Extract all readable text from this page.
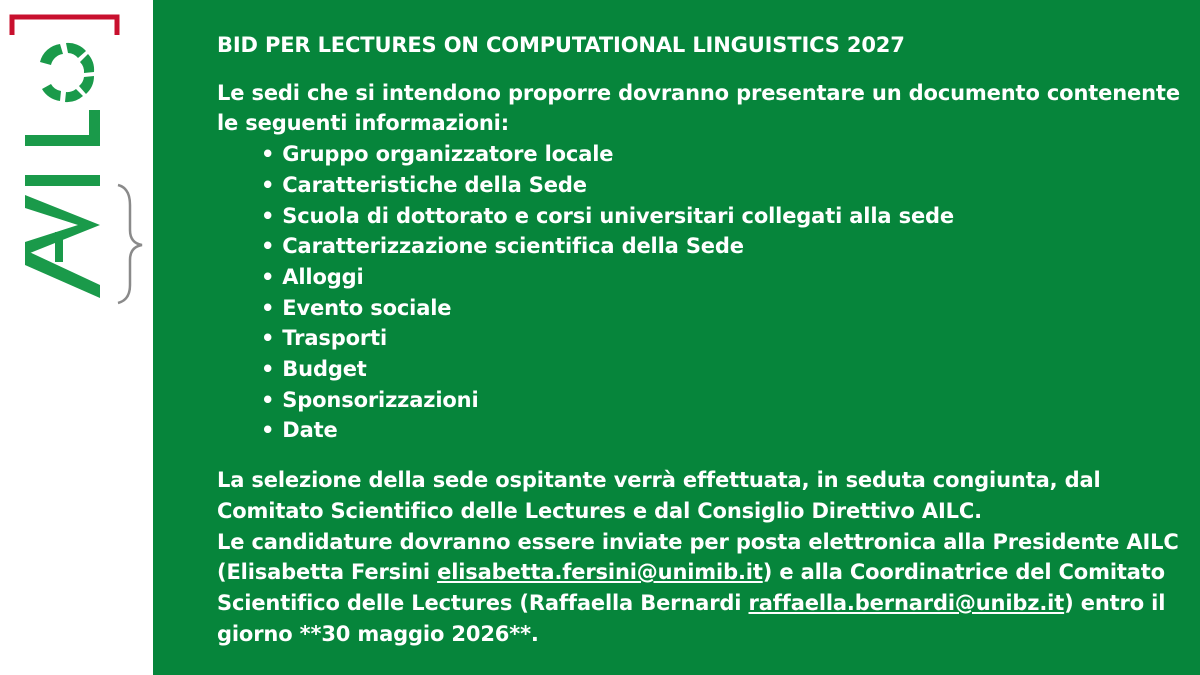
BID PER LECTURES ON COMPUTATIONAL LINGUISTICS 2027

Le sedi che si intendono proporre dovranno presentare un documento contenente le seguenti informazioni:

• Gruppo organizzatore locale
• Caratteristiche della Sede
• Scuola di dottorato e corsi universitari collegati alla sede
• Caratterizzazione scientifica della Sede
• Alloggi
• Evento sociale
• Trasporti
• Budget
• Sponsorizzazioni
• Date

La selezione della sede ospitante verrà effettuata, in seduta congiunta, dal Comitato Scientifico delle Lectures e dal Consiglio Direttivo AILC.

Le candidature dovranno essere inviate per posta elettronica alla Presidente AILC (Elisabetta Fersini elisabetta.fersini@unimib.it) e alla Coordinatrice del Comitato Scientifico delle Lectures (Raffaella Bernardi raffaella.bernardi@unibz.it) entro il giorno **30 maggio 2026**.
